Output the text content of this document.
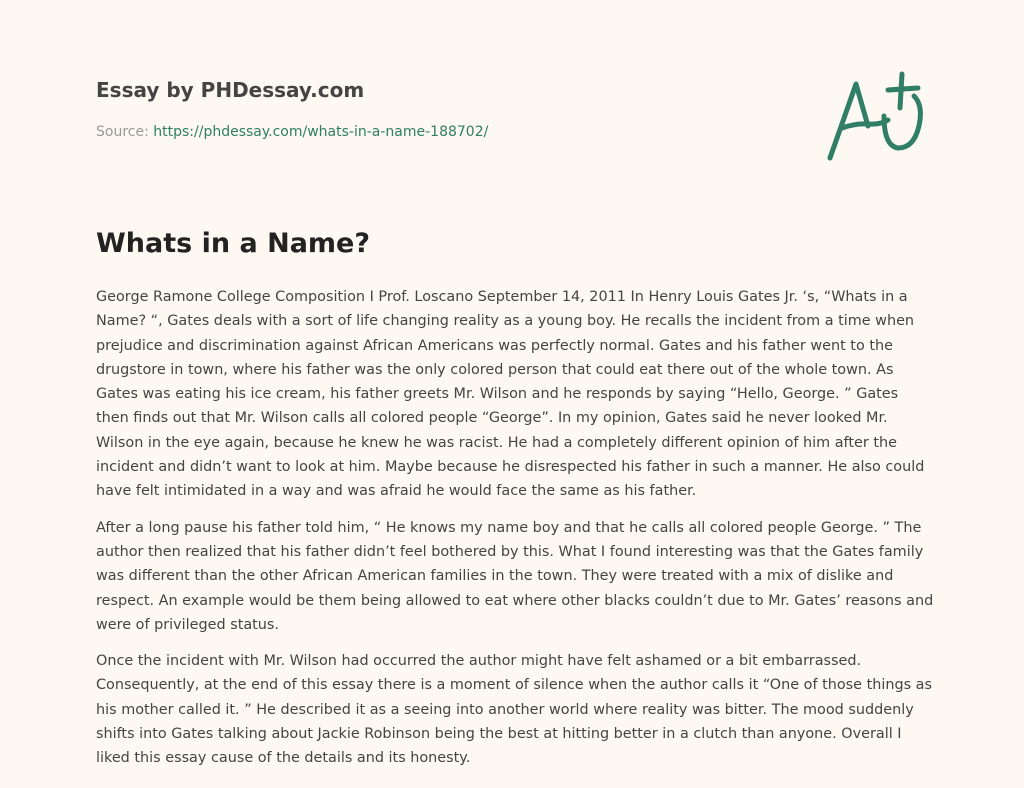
Essay by PHDessay.com
Source: https://phdessay.com/whats-in-a-name-188702/
Whats in a Name?

George Ramone College Composition I Prof. Loscano September 14, 2011 In Henry Louis Gates Jr. ‘s, “Whats in a Name? “, Gates deals with a sort of life changing reality as a young boy. He recalls the incident from a time when prejudice and discrimination against African Americans was perfectly normal. Gates and his father went to the drugstore in town, where his father was the only colored person that could eat there out of the whole town. As Gates was eating his ice cream, his father greets Mr. Wilson and he responds by saying “Hello, George. ” Gates then finds out that Mr. Wilson calls all colored people “George”. In my opinion, Gates said he never looked Mr. Wilson in the eye again, because he knew he was racist. He had a completely different opinion of him after the incident and didn’t want to look at him. Maybe because he disrespected his father in such a manner. He also could have felt intimidated in a way and was afraid he would face the same as his father.

After a long pause his father told him, “ He knows my name boy and that he calls all colored people George. ” The author then realized that his father didn’t feel bothered by this. What I found interesting was that the Gates family was different than the other African American families in the town. They were treated with a mix of dislike and respect. An example would be them being allowed to eat where other blacks couldn’t due to Mr. Gates’ reasons and were of privileged status.

Once the incident with Mr. Wilson had occurred the author might have felt ashamed or a bit embarrassed. Consequently, at the end of this essay there is a moment of silence when the author calls it “One of those things as his mother called it. ” He described it as a seeing into another world where reality was bitter. The mood suddenly shifts into Gates talking about Jackie Robinson being the best at hitting better in a clutch than anyone. Overall I liked this essay cause of the details and its honesty.
